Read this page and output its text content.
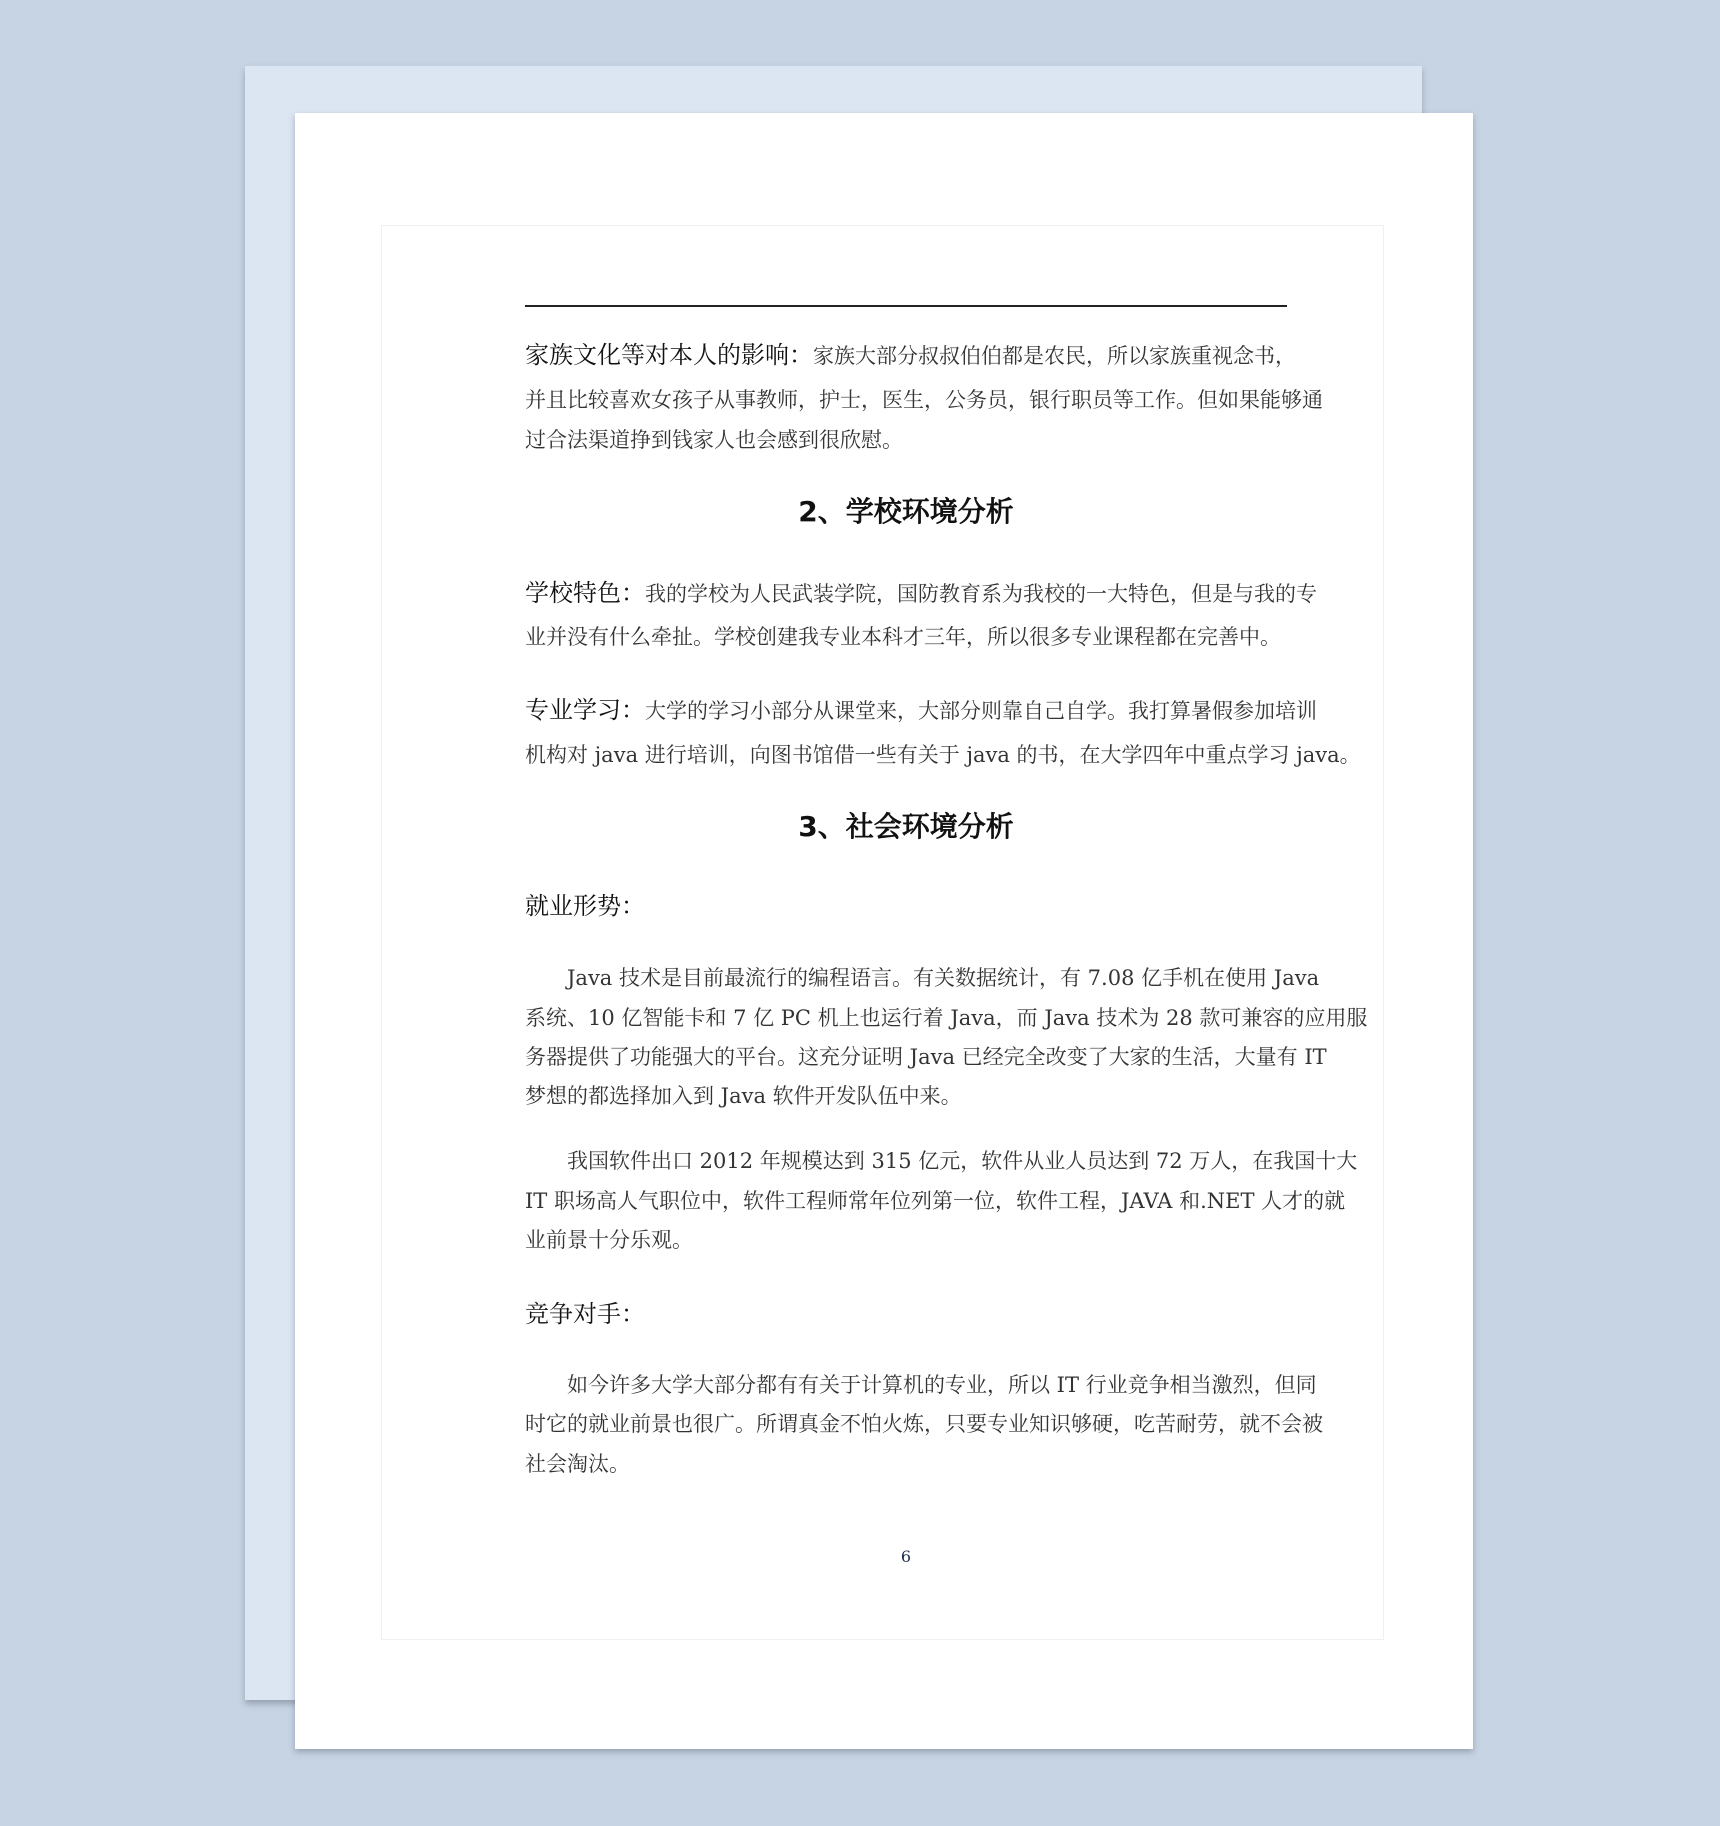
家族文化等对本人的影响：家族大部分叔叔伯伯都是农民，所以家族重视念书，
并且比较喜欢女孩子从事教师，护士，医生，公务员，银行职员等工作。但如果能够通
过合法渠道挣到钱家人也会感到很欣慰。
2、学校环境分析
学校特色：我的学校为人民武装学院，国防教育系为我校的一大特色，但是与我的专
业并没有什么牵扯。学校创建我专业本科才三年，所以很多专业课程都在完善中。
专业学习：大学的学习小部分从课堂来，大部分则靠自己自学。我打算暑假参加培训
机构对 java 进行培训，向图书馆借一些有关于 java 的书，在大学四年中重点学习 java。
3、社会环境分析
就业形势：
Java 技术是目前最流行的编程语言。有关数据统计，有 7.08 亿手机在使用 Java
系统、10 亿智能卡和 7 亿 PC 机上也运行着 Java，而 Java 技术为 28 款可兼容的应用服
务器提供了功能强大的平台。这充分证明 Java 已经完全改变了大家的生活，大量有 IT
梦想的都选择加入到 Java 软件开发队伍中来。
我国软件出口 2012 年规模达到 315 亿元，软件从业人员达到 72 万人，在我国十大
IT 职场高人气职位中，软件工程师常年位列第一位，软件工程，JAVA 和.NET 人才的就
业前景十分乐观。
竞争对手：
如今许多大学大部分都有有关于计算机的专业，所以 IT 行业竞争相当激烈，但同
时它的就业前景也很广。所谓真金不怕火炼，只要专业知识够硬，吃苦耐劳，就不会被
社会淘汰。
6
